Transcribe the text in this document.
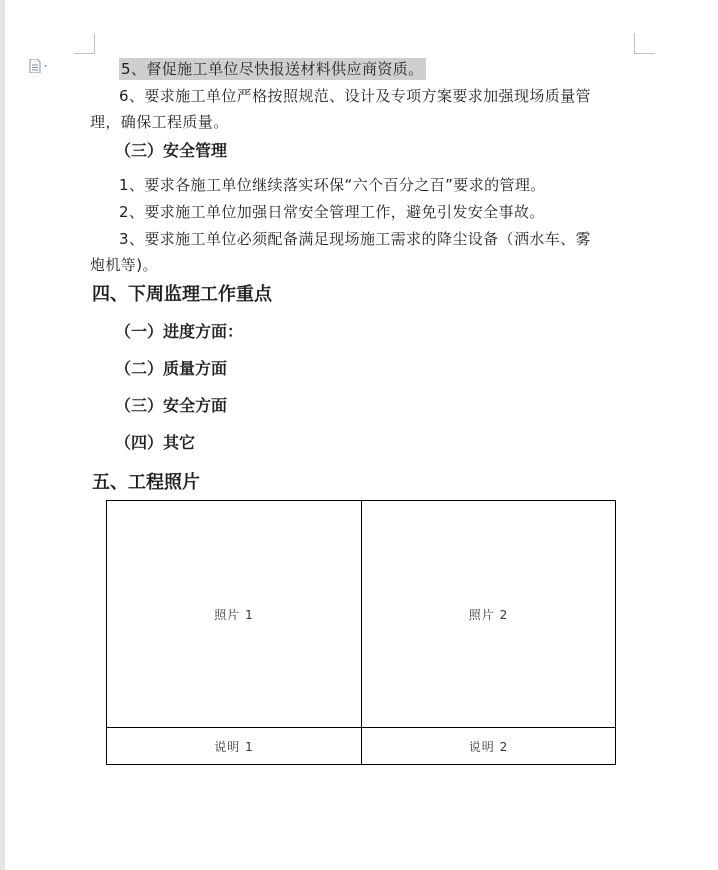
5、督促施工单位尽快报送材料供应商资质。
6、要求施工单位严格按照规范、设计及专项方案要求加强现场质量管
理，确保工程质量。
（三）安全管理
1、要求各施工单位继续落实环保“六个百分之百”要求的管理。
2、要求施工单位加强日常安全管理工作，避免引发安全事故。
3、要求施工单位必须配备满足现场施工需求的降尘设备（洒水车、雾
炮机等)。
四、下周监理工作重点
（一）进度方面：
（二）质量方面
（三）安全方面
（四）其它
五、工程照片
照片 1	照片 2
说明 1	说明 2
